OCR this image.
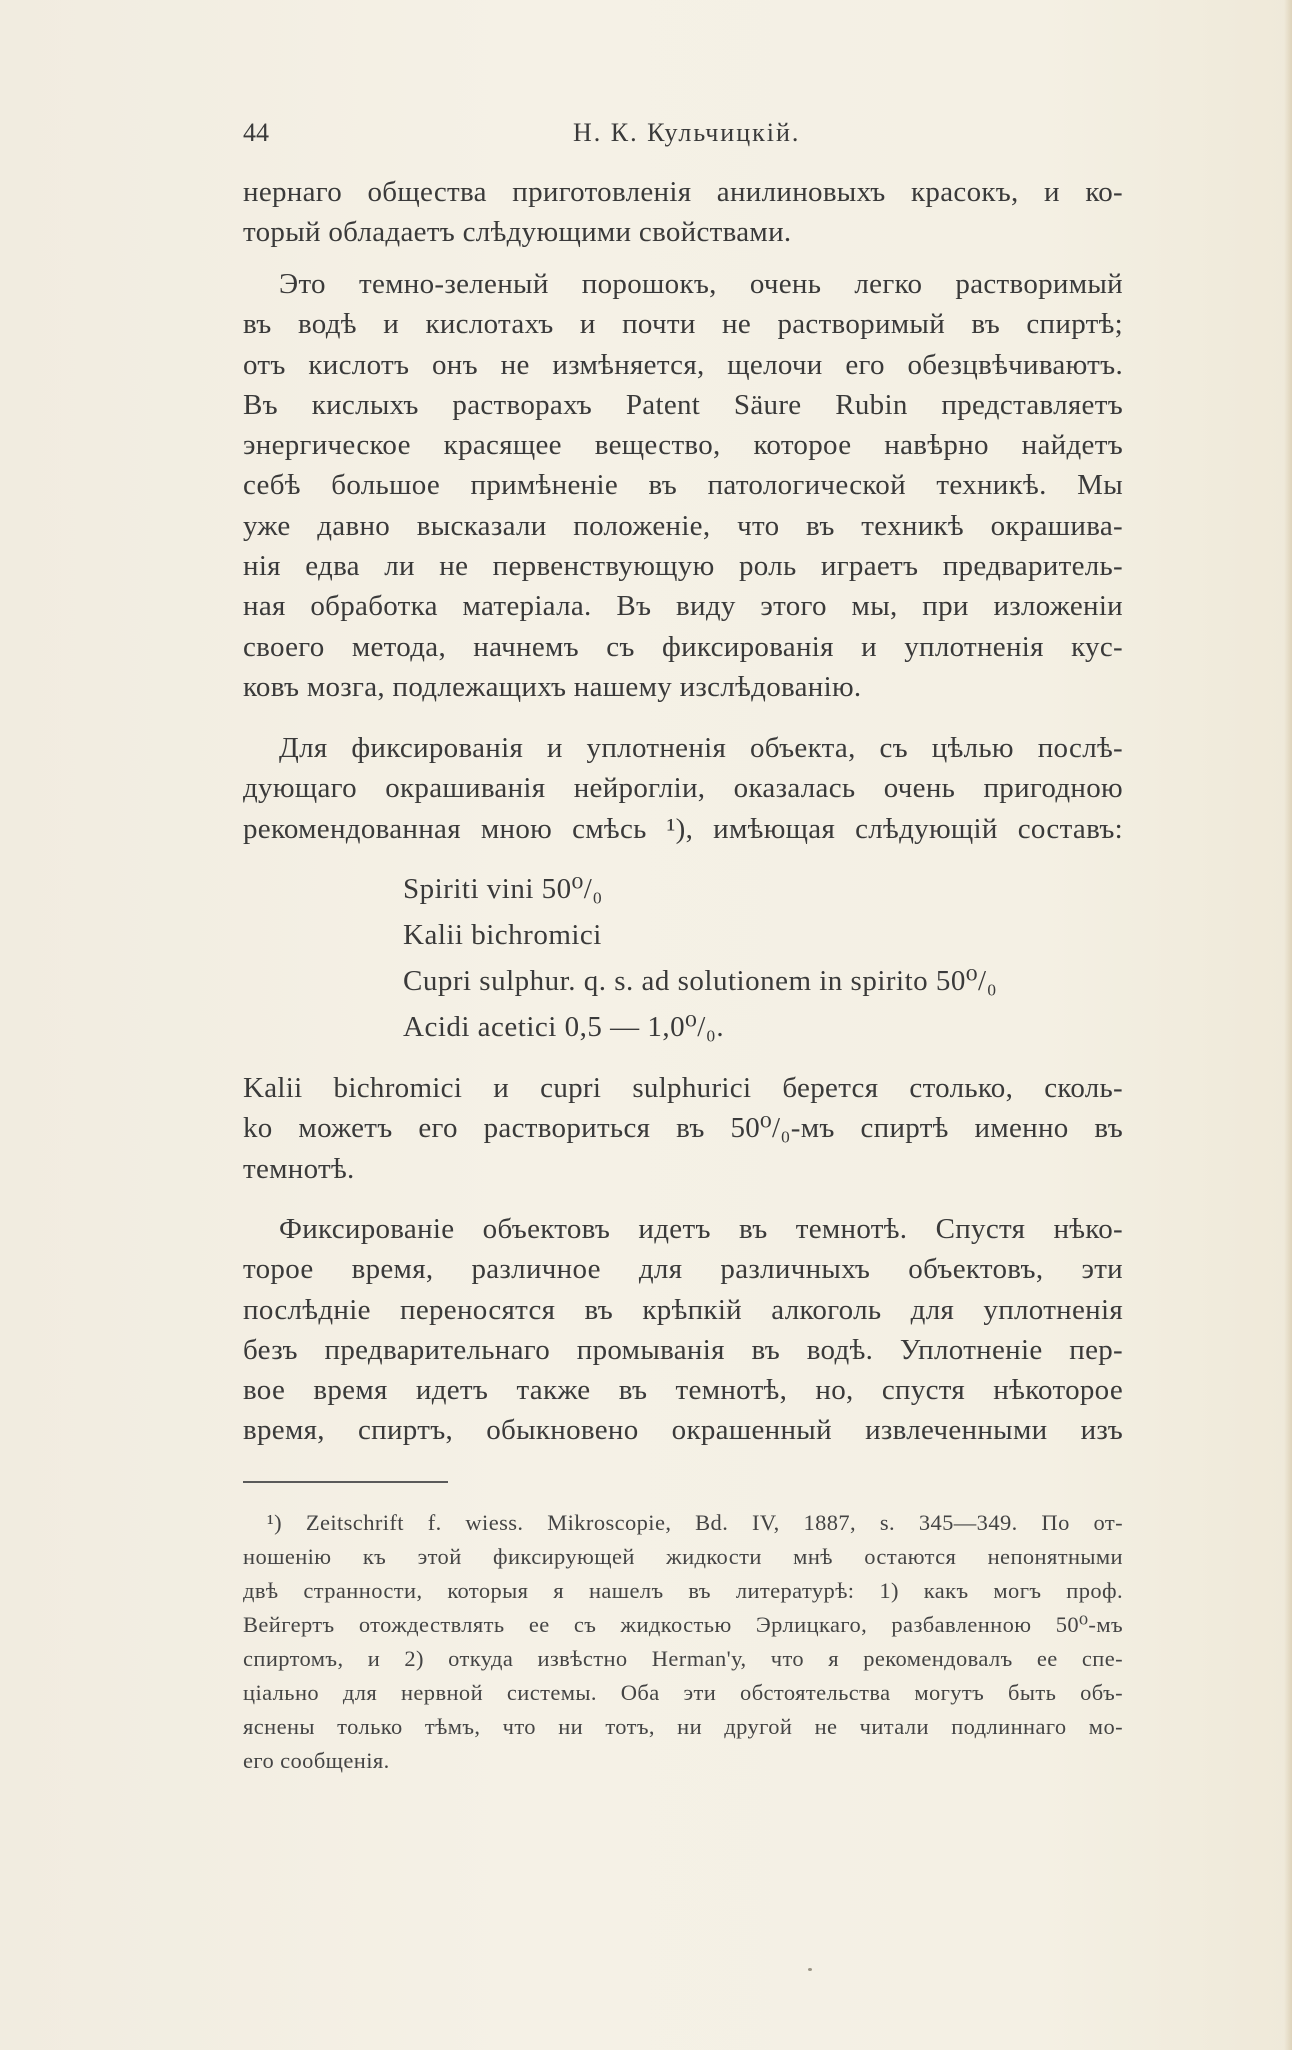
44	Н. К. Кульчицкій.
нернаго общества приготовленія анилиновыхъ красокъ, и ко-
торый обладаетъ слѣдующими свойствами.
Это темно-зеленый порошокъ, очень легко растворимый
въ водѣ и кислотахъ и почти не растворимый въ спиртѣ;
отъ кислотъ онъ не измѣняется, щелочи его обезцвѣчиваютъ.
Въ кислыхъ растворахъ Patent Säure Rubin представляетъ
энергическое красящее вещество, которое навѣрно найдетъ
себѣ большое примѣненіе въ патологической техникѣ. Мы
уже давно высказали положеніе, что въ техникѣ окрашива-
нія едва ли не первенствующую роль играетъ предваритель-
ная обработка матеріала. Въ виду этого мы, при изложеніи
своего метода, начнемъ съ фиксированія и уплотненія кус-
ковъ мозга, подлежащихъ нашему изслѣдованію.
Для фиксированія и уплотненія объекта, съ цѣлью послѣ-
дующаго окрашиванія нейрогліи, оказалась очень пригодною
рекомендованная мною смѣсь ¹), имѣющая слѣдующій составъ:
Spiriti vini 50⁰/₀
Kalii bichromici
Cupri sulphur. q. s. ad solutionem in spirito 50⁰/₀
Acidi acetici 0,5 — 1,0⁰/₀.
Kalii bichromici и cupri sulphurici берется столько, сколь-
ko можетъ его раствориться въ 50⁰/₀-мъ спиртѣ именно въ
темнотѣ.
Фиксированіе объектовъ идетъ въ темнотѣ. Спустя нѣко-
торое время, различное для различныхъ объектовъ, эти
послѣдніе переносятся въ крѣпкій алкоголь для уплотненія
безъ предварительнаго промыванія въ водѣ. Уплотненіе пер-
вое время идетъ также въ темнотѣ, но, спустя нѣкоторое
время, спиртъ, обыкновено окрашенный извлеченными изъ
¹) Zeitschrift f. wiess. Mikroscopie, Bd. IV, 1887, s. 345—349. По от-
ношенію къ этой фиксирующей жидкости мнѣ остаются непонятными
двѣ странности, которыя я нашелъ въ литературѣ: 1) какъ могъ проф.
Вейгертъ отождествлять ее съ жидкостью Эрлицкаго, разбавленною 50⁰-мъ
спиртомъ, и 2) откуда извѣстно Herman'у, что я рекомендовалъ ее спе-
ціально для нервной системы. Оба эти обстоятельства могутъ быть объ-
яснены только тѣмъ, что ни тотъ, ни другой не читали подлиннаго мо-
его сообщенія.
